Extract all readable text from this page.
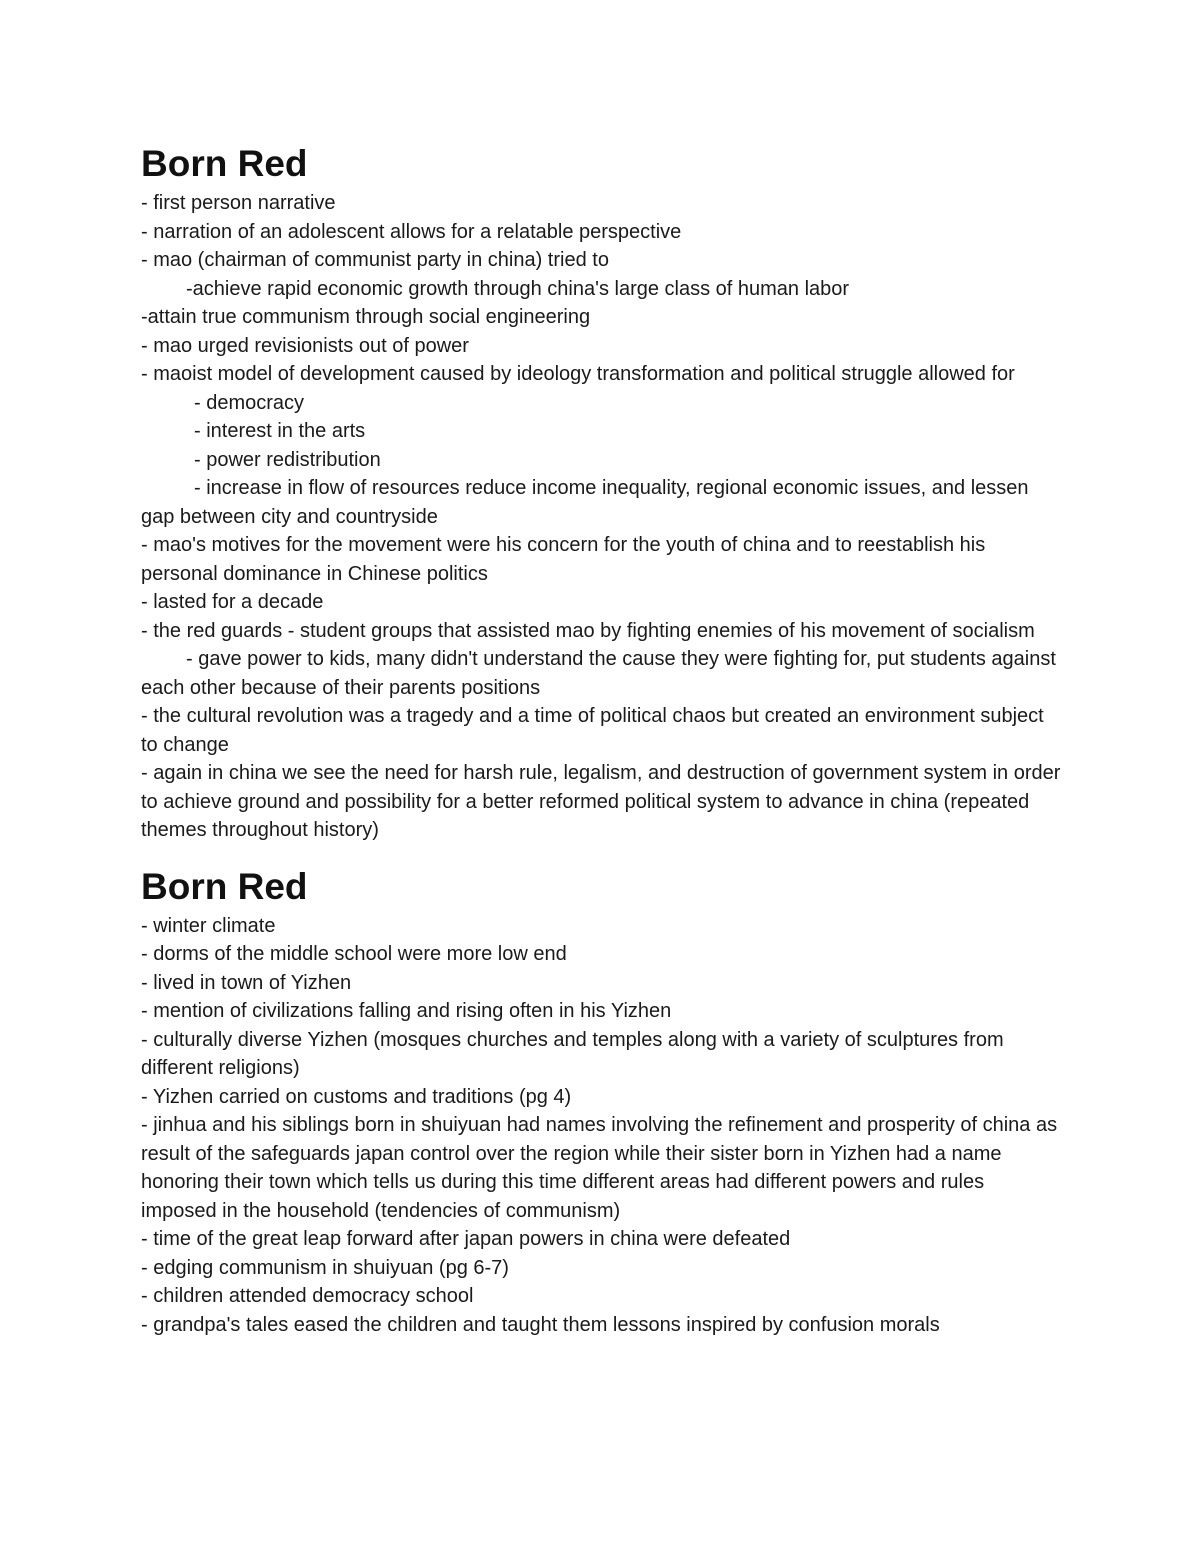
Born Red
- first person narrative
- narration of an adolescent allows for a relatable perspective
- mao (chairman of communist party in china) tried to
-achieve rapid economic growth through china's large class of human labor
-attain true communism through social engineering
- mao urged revisionists out of power
- maoist model of development caused by ideology transformation and political struggle allowed for
- democracy
- interest in the arts
- power redistribution
- increase in flow of resources reduce income inequality, regional economic issues, and lessen gap between city and countryside
- mao's motives for the movement were his concern for the youth of china and to reestablish his personal dominance in Chinese politics
- lasted for a decade
- the red guards - student groups that assisted mao by fighting enemies of his movement of socialism
- gave power to kids, many didn't understand the cause they were fighting for, put students against each other because of their parents positions
- the cultural revolution was a tragedy and a time of political chaos but created an environment subject to change
- again in china we see the need for harsh rule, legalism, and destruction of government system in order to achieve ground and possibility for a better reformed political system to advance in china (repeated themes throughout history)
Born Red
- winter climate
- dorms of the middle school were more low end
- lived in town of Yizhen
- mention of civilizations falling and rising often in his Yizhen
- culturally diverse Yizhen (mosques churches and temples along with a variety of sculptures from different religions)
- Yizhen carried on customs and traditions (pg 4)
- jinhua and his siblings born in shuiyuan had names involving the refinement and prosperity of china as result of the safeguards japan control over the region while their sister born in Yizhen had a name honoring their town which tells us during this time different areas had different powers and rules imposed in the household (tendencies of communism)
- time of the great leap forward after japan powers in china were defeated
- edging communism in shuiyuan (pg 6-7)
- children attended democracy school
- grandpa's tales eased the children and taught them lessons inspired by confusion morals
